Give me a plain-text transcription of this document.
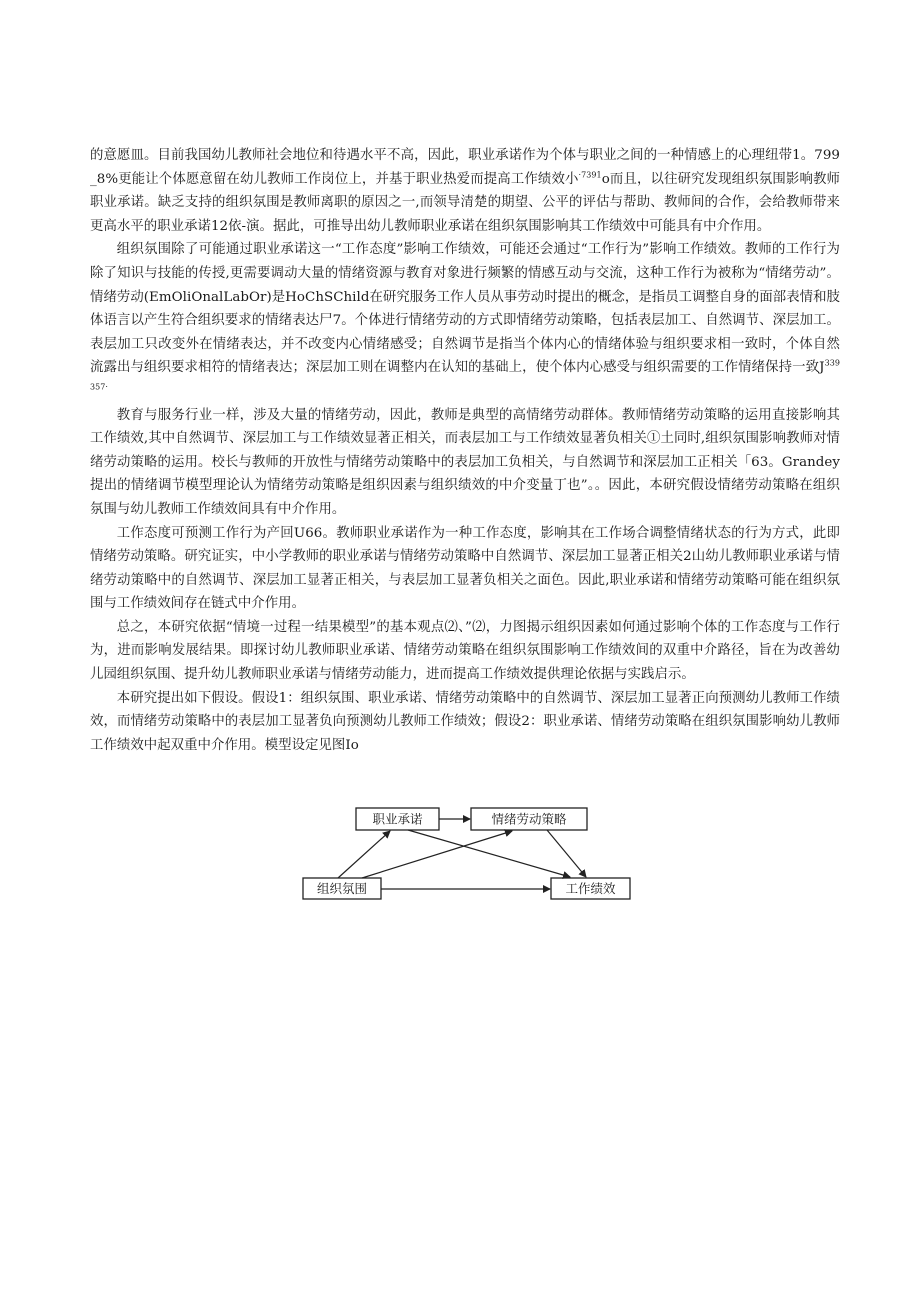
的意愿皿。目前我国幼儿教师社会地位和待遇水平不高，因此，职业承诺作为个体与职业之间的一种情感上的心理纽带1。799_8%更能让个体愿意留在幼儿教师工作岗位上，并基于职业热爱而提高工作绩效小$^{\cdot 7391}$o而且，以往研究发现组织氛围影响教师职业承诺。缺乏支持的组织氛围是教师离职的原因之一,而领导清楚的期望、公平的评估与帮助、教师间的合作，会给教师带来更高水平的职业承诺12依-演。据此，可推导出幼儿教师职业承诺在组织氛围影响其工作绩效中可能具有中介作用。

组织氛围除了可能通过职业承诺这一“工作态度”影响工作绩效，可能还会通过“工作行为”影响工作绩效。教师的工作行为除了知识与技能的传授,更需要调动大量的情绪资源与教育对象进行频繁的情感互动与交流，这种工作行为被称为“情绪劳动”。情绪劳动(EmOliOnalLabOr)是HoChSChild在研究服务工作人员从事劳动时提出的概念，是指员工调整自身的面部表情和肢体语言以产生符合组织要求的情绪表达尸7。个体进行情绪劳动的方式即情绪劳动策略，包括表层加工、自然调节、深层加工。表层加工只改变外在情绪表达，并不改变内心情绪感受；自然调节是指当个体内心的情绪体验与组织要求相一致时，个体自然流露出与组织要求相符的情绪表达；深层加工则在调整内在认知的基础上，使个体内心感受与组织需要的工作情绪保持一致$J^{339357\cdot}$

教育与服务行业一样，涉及大量的情绪劳动，因此，教师是典型的高情绪劳动群体。教师情绪劳动策略的运用直接影响其工作绩效,其中自然调节、深层加工与工作绩效显著正相关，而表层加工与工作绩效显著负相关①土同时,组织氛围影响教师对情绪劳动策略的运用。校长与教师的开放性与情绪劳动策略中的表层加工负相关，与自然调节和深层加工正相关「63。Grandey提出的情绪调节模型理论认为情绪劳动策略是组织因素与组织绩效的中介变量丁也”。。因此，本研究假设情绪劳动策略在组织氛围与幼儿教师工作绩效间具有中介作用。

工作态度可预测工作行为产回U66。教师职业承诺作为一种工作态度，影响其在工作场合调整情绪状态的行为方式，此即情绪劳动策略。研究证实，中小学教师的职业承诺与情绪劳动策略中自然调节、深层加工显著正相关2山幼儿教师职业承诺与情绪劳动策略中的自然调节、深层加工显著正相关，与表层加工显著负相关之面色。因此,职业承诺和情绪劳动策略可能在组织氛围与工作绩效间存在链式中介作用。

总之，本研究依据“情境一过程一结果模型”的基本观点⑵、”⑵，力图揭示组织因素如何通过影响个体的工作态度与工作行为，进而影响发展结果。即探讨幼儿教师职业承诺、情绪劳动策略在组织氛围影响工作绩效间的双重中介路径，旨在为改善幼儿园组织氛围、提升幼儿教师职业承诺与情绪劳动能力，进而提高工作绩效提供理论依据与实践启示。

本研究提出如下假设。假设1：组织氛围、职业承诺、情绪劳动策略中的自然调节、深层加工显著正向预测幼儿教师工作绩效，而情绪劳动策略中的表层加工显著负向预测幼儿教师工作绩效；假设2：职业承诺、情绪劳动策略在组织氛围影响幼儿教师工作绩效中起双重中介作用。模型设定见图Io

职业承诺	情绪劳动策略
组织氛围	工作绩效
